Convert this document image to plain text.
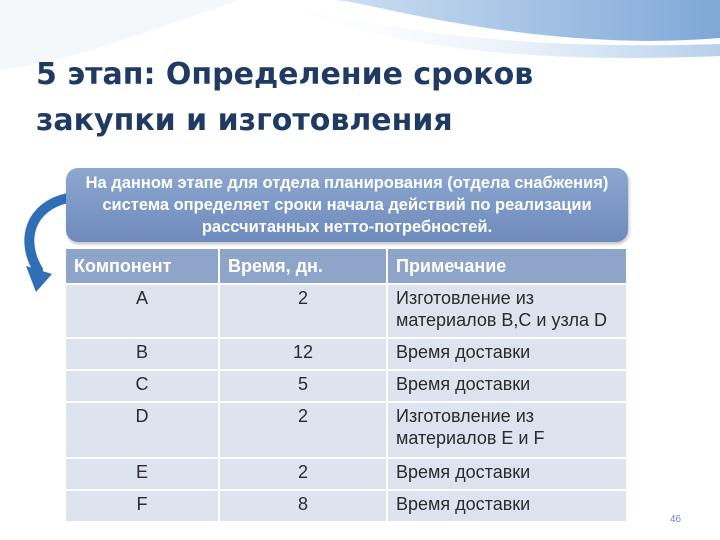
5 этап: Определение сроков закупки и изготовления
На данном этапе для отдела планирования (отдела снабжения) система определяет сроки начала действий по реализации рассчитанных нетто-потребностей.
Компонент	Время, дн.	Примечание
A	2	Изготовление из материалов B,C и узла D
B	12	Время доставки
C	5	Время доставки
D	2	Изготовление из материалов E и F
E	2	Время доставки
F	8	Время доставки
46
